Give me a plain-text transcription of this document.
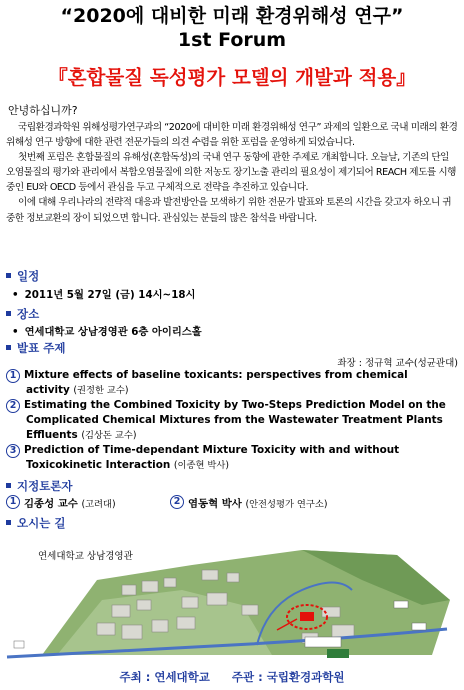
“2020에 대비한 미래 환경위해성 연구”
1st Forum
『혼합물질 독성평가 모델의 개발과 적용』
안녕하십니까?

국립환경과학원 위해성평가연구과의 “2020에 대비한 미래 환경위해성 연구” 과제의 일환으로 국내 미래의 환경위해성 연구 방향에 대한 관련 전문가들의 의견 수렴을 위한 포럼을 운영하게 되었습니다.

첫번째 포럼은 혼합물질의 유해성(혼합독성)의 국내 연구 동향에 관한 주제로 개최합니다. 오늘날, 기존의 단일 오염물질의 평가와 관리에서 복합오염물질에 의한 저농도 장기노출 관리의 필요성이 제기되어 REACH 제도를 시행 중인 EU와 OECD 등에서 관심을 두고 구체적으로 전략을 추진하고 있습니다.

이에 대해 우리나라의 전략적 대응과 발전방안을 모색하기 위한 전문가 발표와 토론의 시간을 갖고자 하오니 귀중한 정보교환의 장이 되었으면 합니다. 관심있는 분들의 많은 참석을 바랍니다.

일정
• 2011년 5월 27일 (금) 14시~18시
장소
• 연세대학교 상남경영관 6층 아이리스홀
발표 주제
좌장 : 정규혁 교수(성균관대)
1 Mixture effects of baseline toxicants: perspectives from chemical
activity (권정한 교수)
2 Estimating the Combined Toxicity by Two-Steps Prediction Model on the
Complicated Chemical Mixtures from the Wastewater Treatment Plants
Effluents (김상돈 교수)
3 Prediction of Time-dependant Mixture Toxicity with and without
Toxicokinetic Interaction (이종현 박사)
지정토론자
1 김종성 교수 (고려대)	2 염동혁 박사 (안전성평가 연구소)
오시는 길
연세대학교 상남경영관
주최 : 연세대학교 주관 : 국립환경과학원
